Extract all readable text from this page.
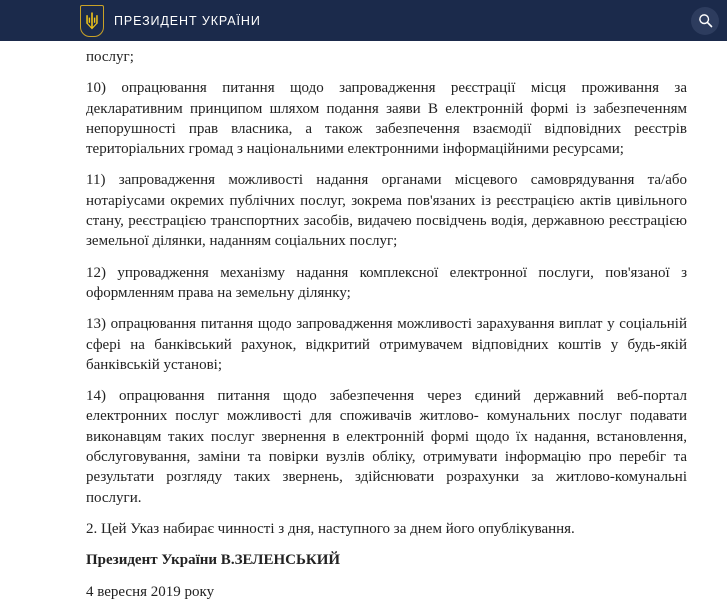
ПРЕЗИДЕНТ УКРАЇНИ

послуг;

10) опрацювання питання щодо запровадження реєстрації місця проживання за декларативним принципом шляхом подання заяви В електронній формі із забезпеченням непорушності прав власника, а також забезпечення взаємодії відповідних реєстрів територіальних громад з національними електронними інформаційними ресурсами;

11) запровадження можливості надання органами місцевого самоврядування та/або нотаріусами окремих публічних послуг, зокрема пов'язаних із реєстрацією актів цивільного стану, реєстрацією транспортних засобів, видачею посвідчень водія, державною реєстрацією земельної ділянки, наданням соціальних послуг;

12) упровадження механізму надання комплексної електронної послуги, пов'язаної з оформленням права на земельну ділянку;

13) опрацювання питання щодо запровадження можливості зарахування виплат у соціальній сфері на банківський рахунок, відкритий отримувачем відповідних коштів у будь-якій банківській установі;

14) опрацювання питання щодо забезпечення через єдиний державний веб-портал електронних послуг можливості для споживачів житлово- комунальних послуг подавати виконавцям таких послуг звернення в електронній формі щодо їх надання, встановлення, обслуговування, заміни та повірки вузлів обліку, отримувати інформацію про перебіг та результати розгляду таких звернень, здійснювати розрахунки за житлово-комунальні послуги.

2. Цей Указ набирає чинності з дня, наступного за днем його опублікування.

Президент України В.ЗЕЛЕНСЬКИЙ

4 вересня 2019 року
